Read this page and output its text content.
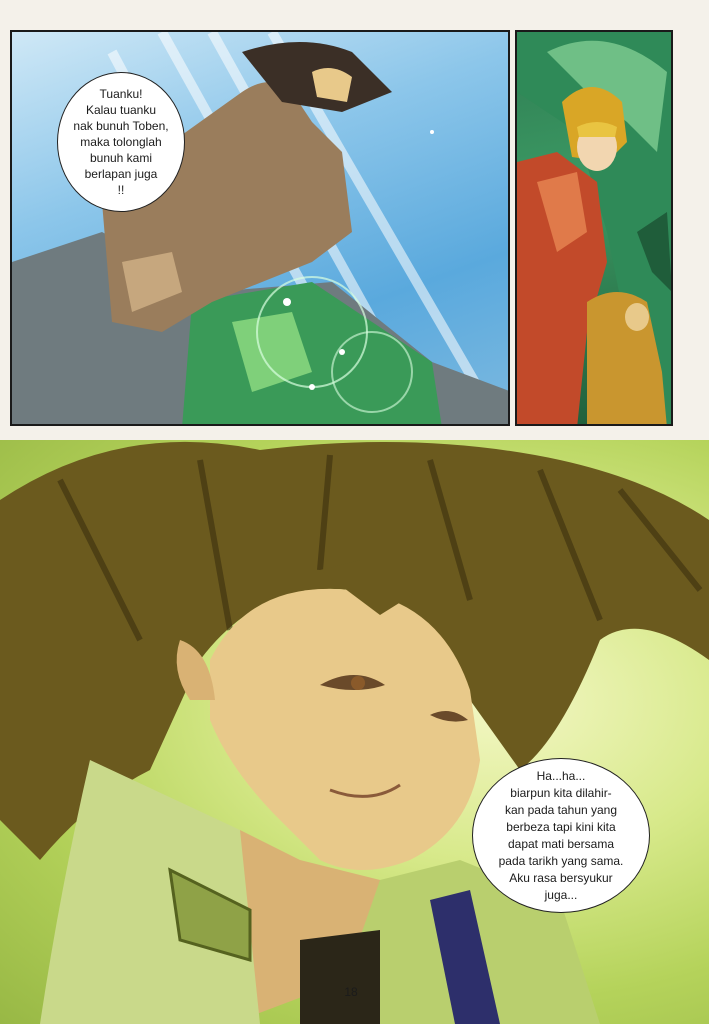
Tuanku!
Kalau tuanku
nak bunuh Toben,
maka tolonglah
bunuh kami
berlapan juga
!!
Ha...ha...
biarpun kita dilahir-
kan pada tahun yang
berbeza tapi kini kita
dapat mati bersama
pada tarikh yang sama.
Aku rasa bersyukur
juga...
18
